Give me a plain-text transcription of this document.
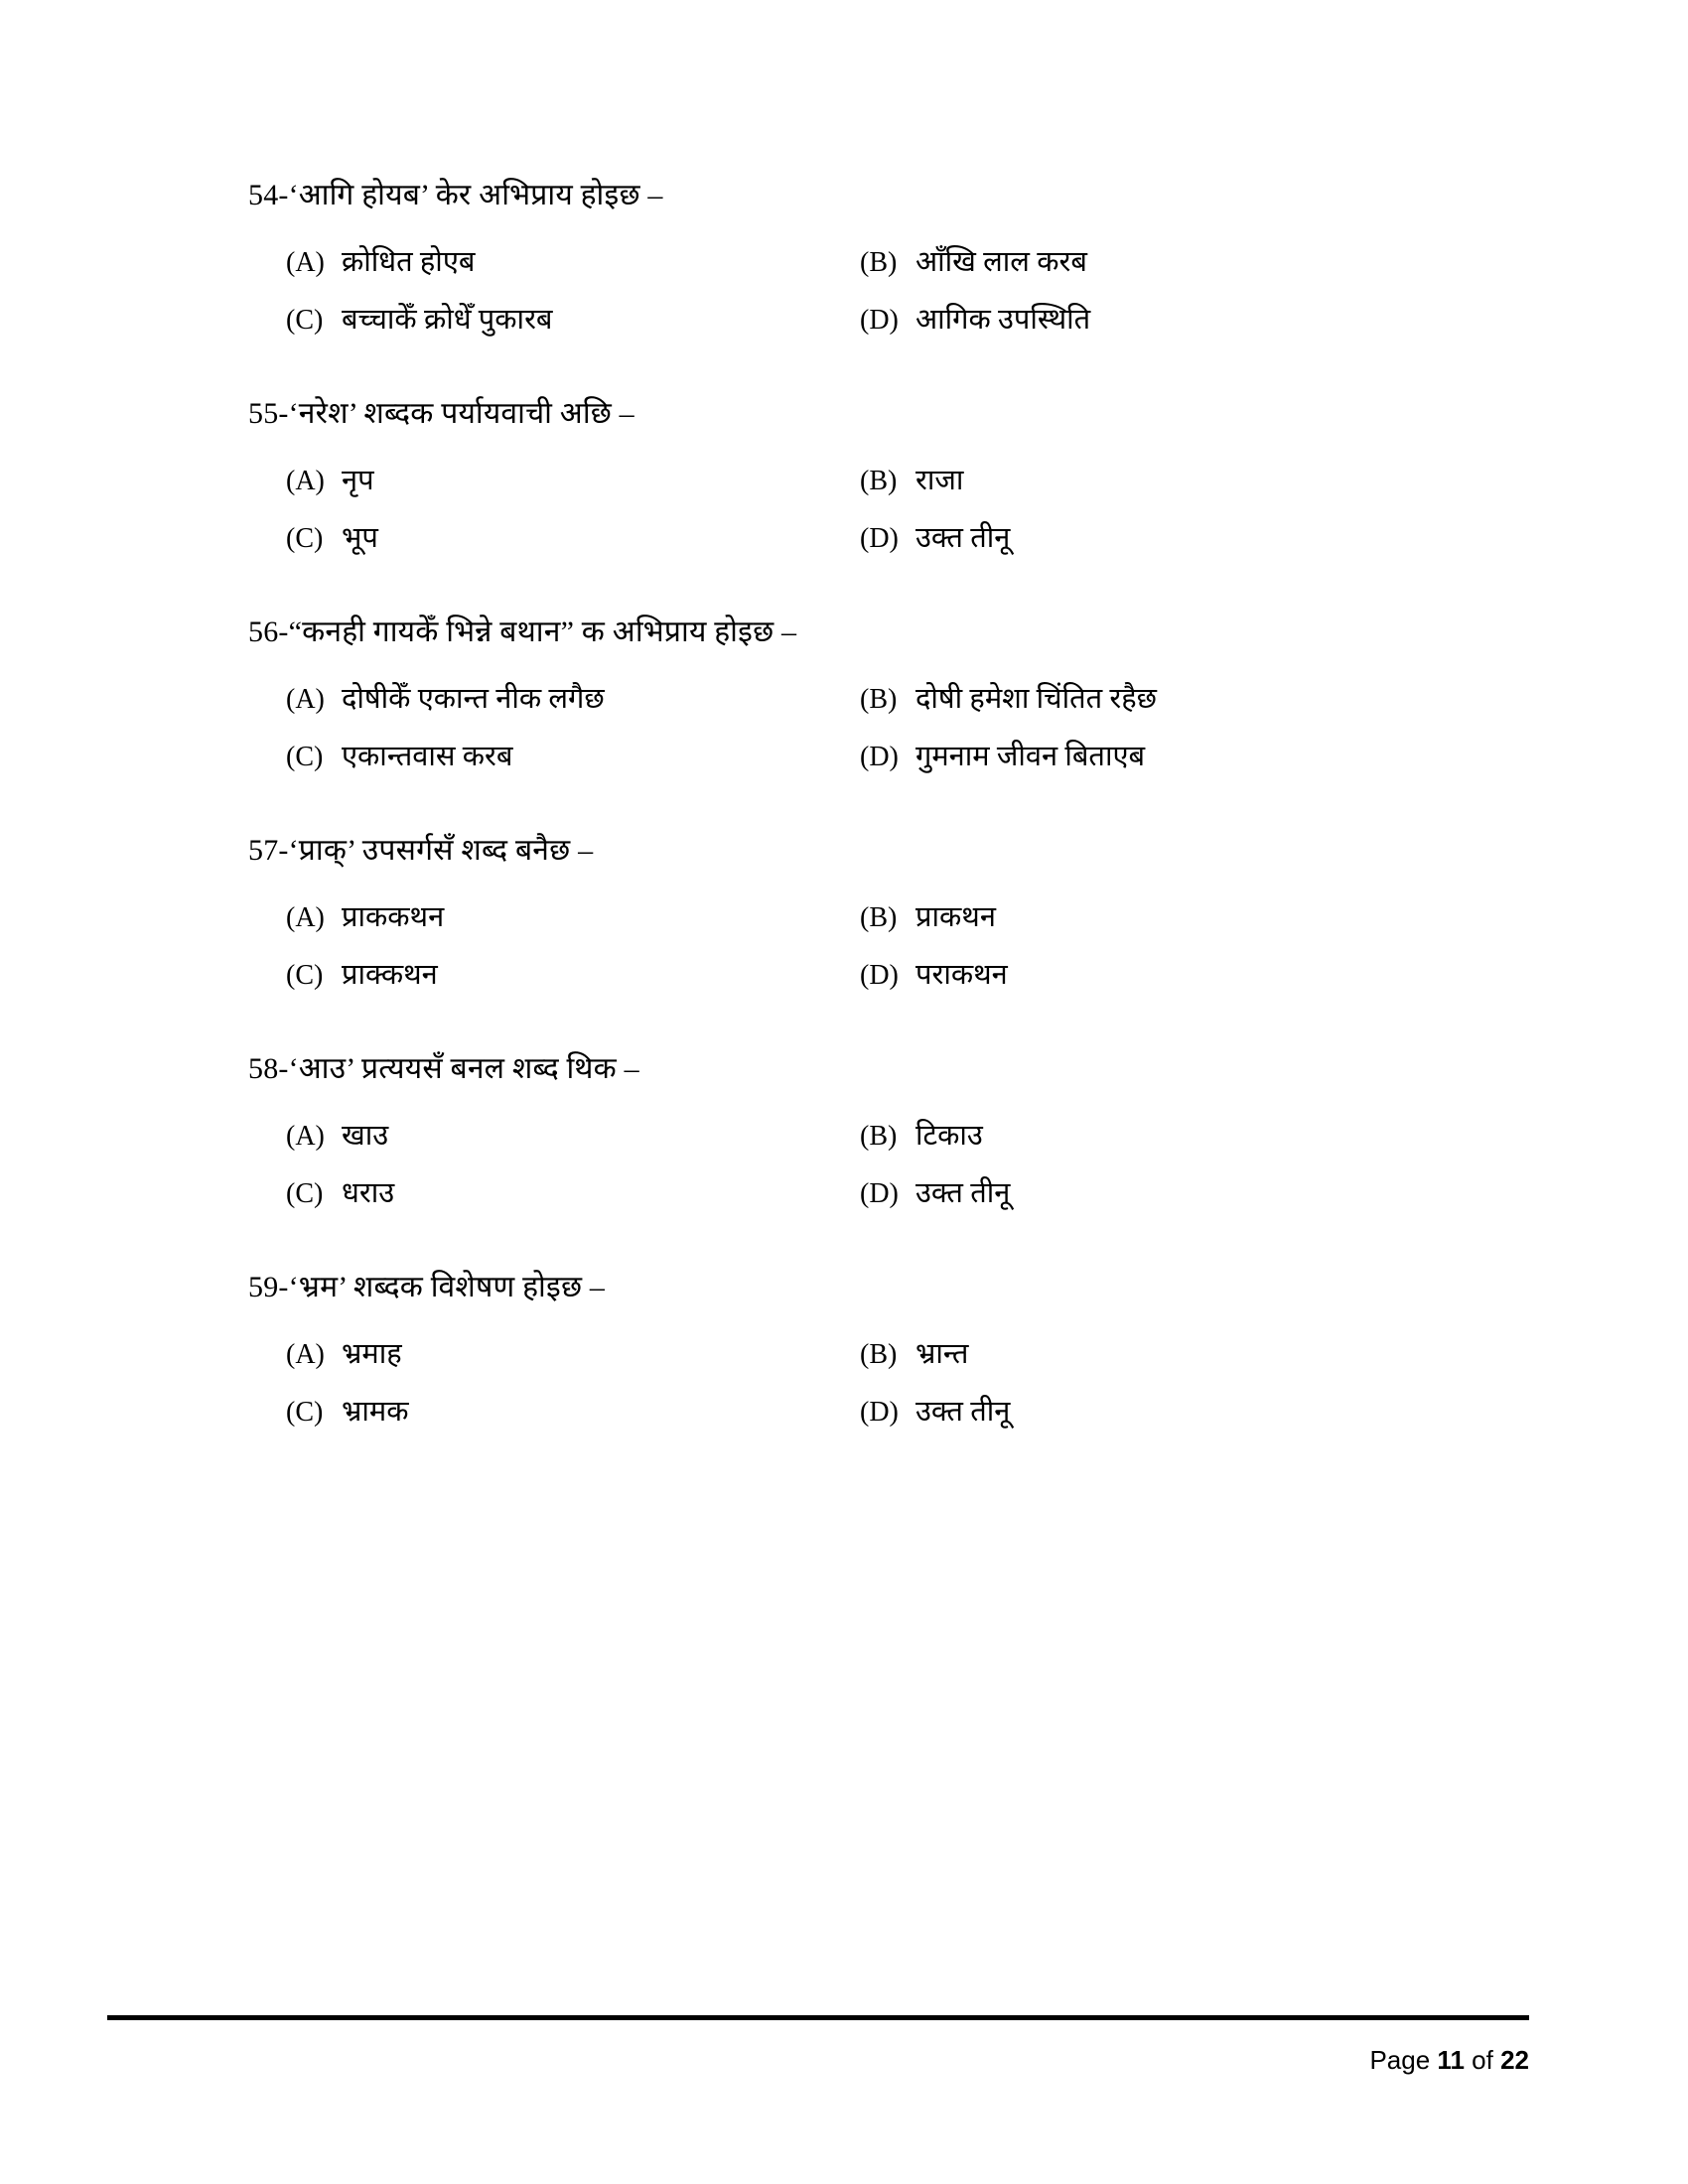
54-‘आगि होयब’ केर अभिप्राय होइछ –
(A) क्रोधित होएब	(B) आँखि लाल करब
(C) बच्चाकेँ क्रोधेँ पुकारब	(D) आगिक उपस्थिति
55-‘नरेश’ शब्दक पर्यायवाची अछि –
(A) नृप	(B) राजा
(C) भूप	(D) उक्त तीनू
56-“कनही गायकेँ भिन्ने बथान” क अभिप्राय होइछ –
(A) दोषीकेँ एकान्त नीक लगैछ	(B) दोषी हमेशा चिंतित रहैछ
(C) एकान्तवास करब	(D) गुमनाम जीवन बिताएब
57-‘प्राक्’ उपसर्गसँ शब्द बनैछ –
(A) प्राककथन	(B) प्राकथन
(C) प्राक्कथन	(D) पराकथन
58-‘आउ’ प्रत्ययसँ बनल शब्द थिक –
(A) खाउ	(B) टिकाउ
(C) धराउ	(D) उक्त तीनू
59-‘भ्रम’ शब्दक विशेषण होइछ –
(A) भ्रमाह	(B) भ्रान्त
(C) भ्रामक	(D) उक्त तीनू
Page 11 of 22
